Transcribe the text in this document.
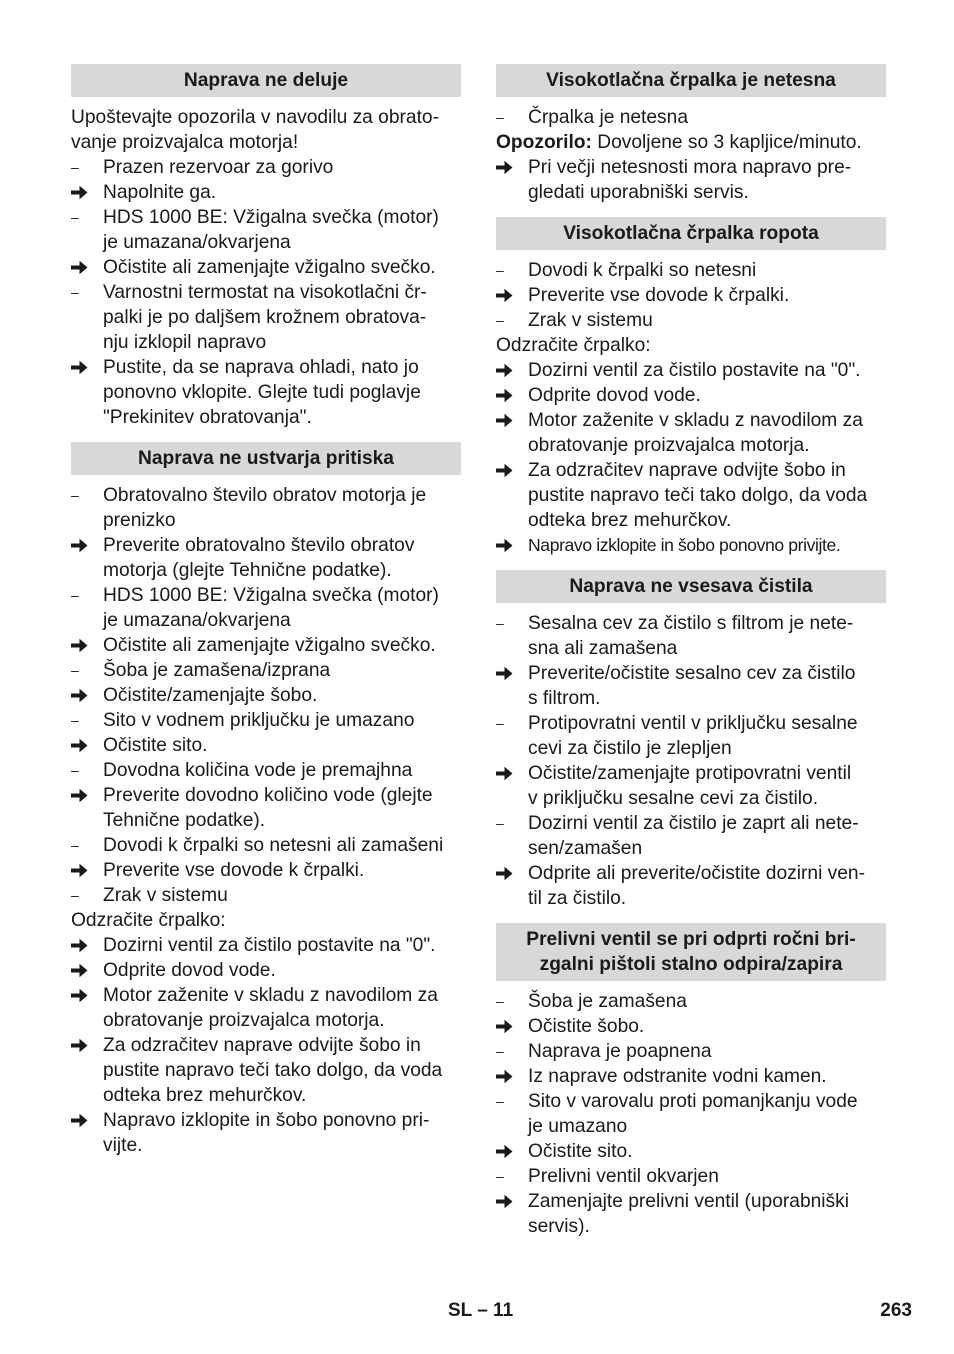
Naprava ne deluje
Upoštevajte opozorila v navodilu za obrato-
vanje proizvajalca motorja!
–	Prazen rezervoar za gorivo
Napolnite ga.
–	HDS 1000 BE: Vžigalna svečka (motor)
je umazana/okvarjena
Očistite ali zamenjajte vžigalno svečko.
–	Varnostni termostat na visokotlačni čr-
palki je po daljšem krožnem obratova-
nju izklopil napravo
Pustite, da se naprava ohladi, nato jo
ponovno vklopite. Glejte tudi poglavje
"Prekinitev obratovanja".
Naprava ne ustvarja pritiska
–	Obratovalno število obratov motorja je
prenizko
Preverite obratovalno število obratov
motorja (glejte Tehnične podatke).
–	HDS 1000 BE: Vžigalna svečka (motor)
je umazana/okvarjena
Očistite ali zamenjajte vžigalno svečko.
–	Šoba je zamašena/izprana
Očistite/zamenjajte šobo.
–	Sito v vodnem priključku je umazano
Očistite sito.
–	Dovodna količina vode je premajhna
Preverite dovodno količino vode (glejte
Tehnične podatke).
–	Dovodi k črpalki so netesni ali zamašeni
Preverite vse dovode k črpalki.
–	Zrak v sistemu
Odzračite črpalko:
Dozirni ventil za čistilo postavite na "0".
Odprite dovod vode.
Motor zaženite v skladu z navodilom za
obratovanje proizvajalca motorja.
Za odzračitev naprave odvijte šobo in
pustite napravo teči tako dolgo, da voda
odteka brez mehurčkov.
Napravo izklopite in šobo ponovno pri-
vijte.
Visokotlačna črpalka je netesna
–	Črpalka je netesna
Opozorilo: Dovoljene so 3 kapljice/minuto.
Pri večji netesnosti mora napravo pre-
gledati uporabniški servis.
Visokotlačna črpalka ropota
–	Dovodi k črpalki so netesni
Preverite vse dovode k črpalki.
–	Zrak v sistemu
Odzračite črpalko:
Dozirni ventil za čistilo postavite na "0".
Odprite dovod vode.
Motor zaženite v skladu z navodilom za
obratovanje proizvajalca motorja.
Za odzračitev naprave odvijte šobo in
pustite napravo teči tako dolgo, da voda
odteka brez mehurčkov.
Napravo izklopite in šobo ponovno privijte.
Naprava ne vsesava čistila
–	Sesalna cev za čistilo s filtrom je nete-
sna ali zamašena
Preverite/očistite sesalno cev za čistilo
s filtrom.
–	Protipovratni ventil v priključku sesalne
cevi za čistilo je zlepljen
Očistite/zamenjajte protipovratni ventil
v priključku sesalne cevi za čistilo.
–	Dozirni ventil za čistilo je zaprt ali nete-
sen/zamašen
Odprite ali preverite/očistite dozirni ven-
til za čistilo.
Prelivni ventil se pri odprti ročni bri-
zgalni pištoli stalno odpira/zapira
–	Šoba je zamašena
Očistite šobo.
–	Naprava je poapnena
Iz naprave odstranite vodni kamen.
–	Sito v varovalu proti pomanjkanju vode
je umazano
Očistite sito.
–	Prelivni ventil okvarjen
Zamenjajte prelivni ventil (uporabniški
servis).
SL – 11	263
